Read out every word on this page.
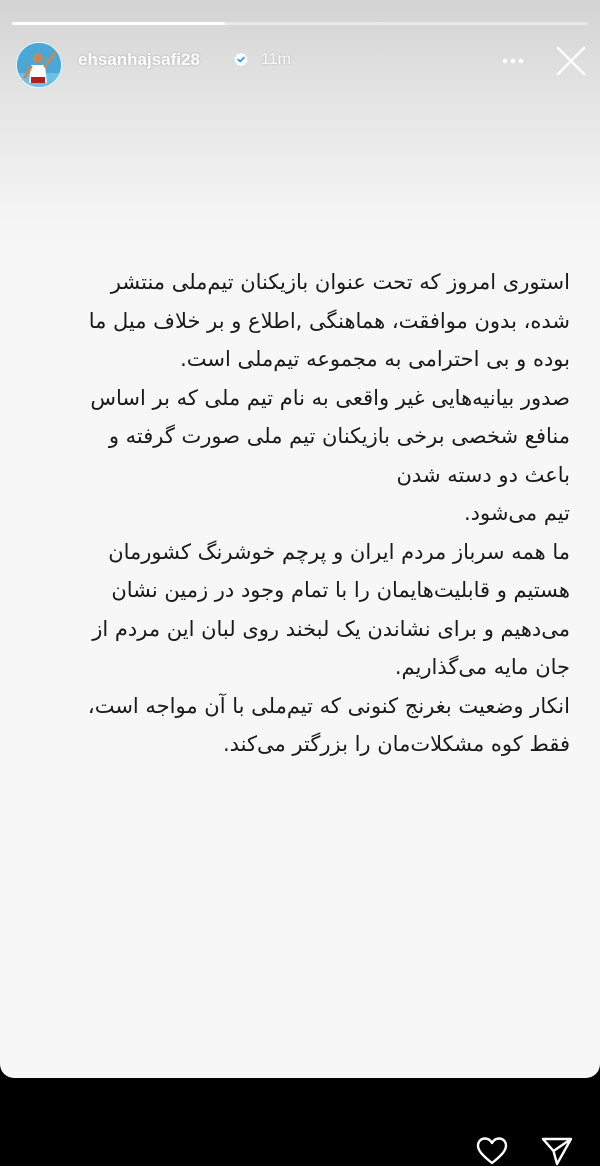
ehsanhajsafi28	11m
استوری امروز که تحت عنوان بازیکنان تیم‌ملی منتشر
شده، بدون موافقت، هماهنگی ,اطلاع و بر خلاف میل ما
بوده و بی احترامی به مجموعه تیم‌ملی است.
صدور بیانیه‌هایی غیر واقعی به نام تیم ملی که بر اساس
منافع شخصی برخی بازیکنان تیم ملی صورت گرفته و
باعث دو دسته شدن
تیم می‌شود.
ما همه سرباز مردم ایران و پرچم خوشرنگ کشورمان
هستیم و قابلیت‌هایمان را با تمام وجود در زمین نشان
می‌دهیم و برای نشاندن یک لبخند روی لبان این مردم از
جان مایه می‌گذاریم.
انکار وضعیت بغرنج کنونی که تیم‌ملی با آن مواجه است،
فقط کوه مشکلات‌مان را بزرگتر می‌کند.
